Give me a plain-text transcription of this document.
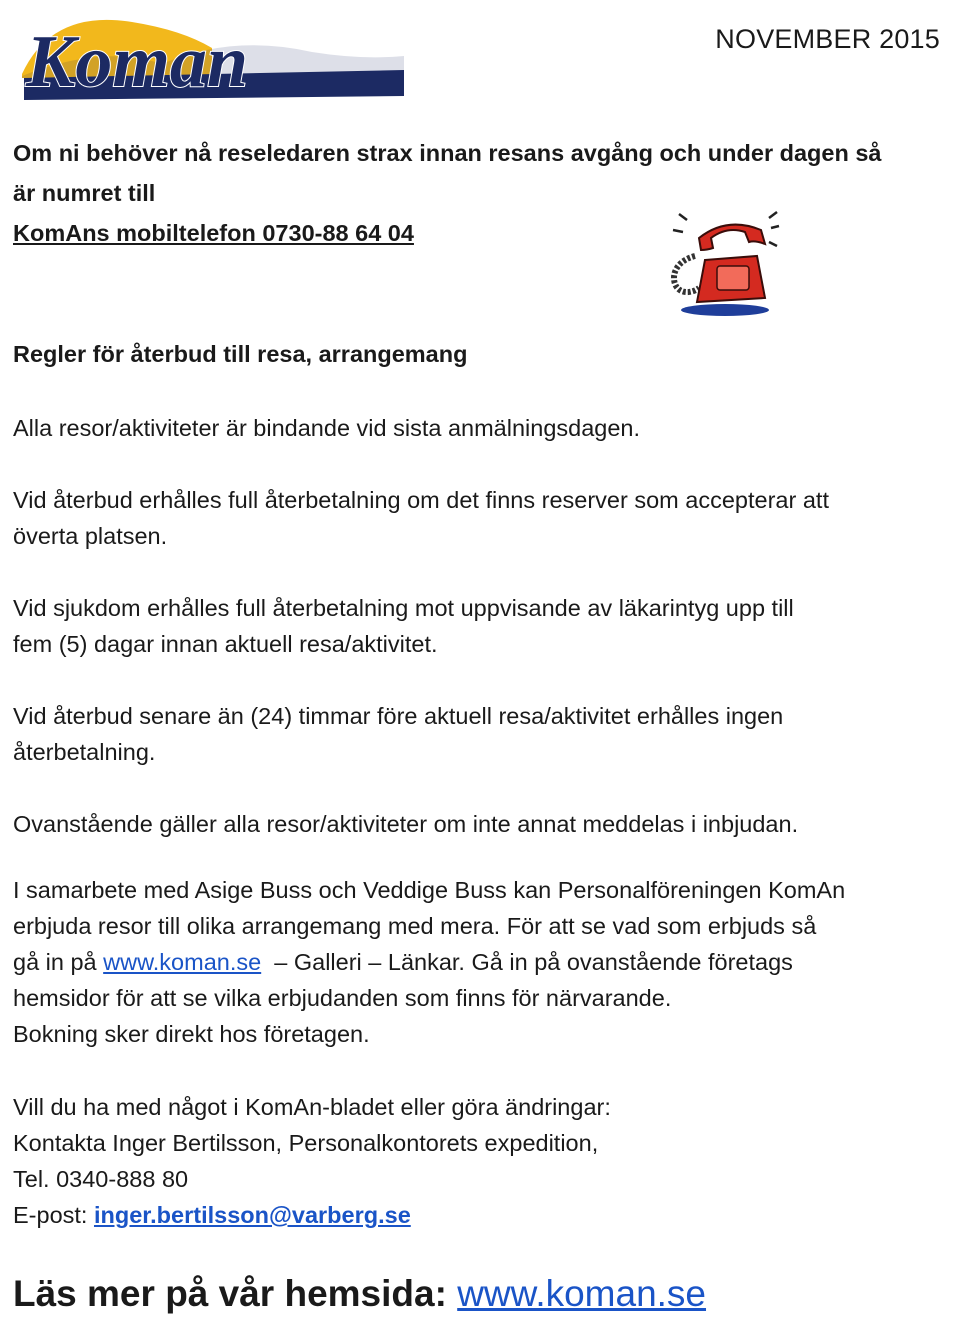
Koman	NOVEMBER 2015
Om ni behöver nå reseledaren strax innan resans avgång och under dagen så
är numret till
KomAns mobiltelefon 0730-88 64 04
Regler för återbud till resa, arrangemang
Alla resor/aktiviteter är bindande vid sista anmälningsdagen.
Vid återbud erhålles full återbetalning om det finns reserver som accepterar att
överta platsen.
Vid sjukdom erhålles full återbetalning mot uppvisande av läkarintyg upp till
fem (5) dagar innan aktuell resa/aktivitet.
Vid återbud senare än (24) timmar före aktuell resa/aktivitet erhålles ingen
återbetalning.
Ovanstående gäller alla resor/aktiviteter om inte annat meddelas i inbjudan.
I samarbete med Asige Buss och Veddige Buss kan Personalföreningen KomAn
erbjuda resor till olika arrangemang med mera. För att se vad som erbjuds så
gå in på www.koman.se  – Galleri – Länkar. Gå in på ovanstående företags
hemsidor för att se vilka erbjudanden som finns för närvarande.
Bokning sker direkt hos företagen.
Vill du ha med något i KomAn-bladet eller göra ändringar:
Kontakta Inger Bertilsson, Personalkontorets expedition,
Tel. 0340-888 80
E-post: inger.bertilsson@varberg.se
Läs mer på vår hemsida: www.koman.se
